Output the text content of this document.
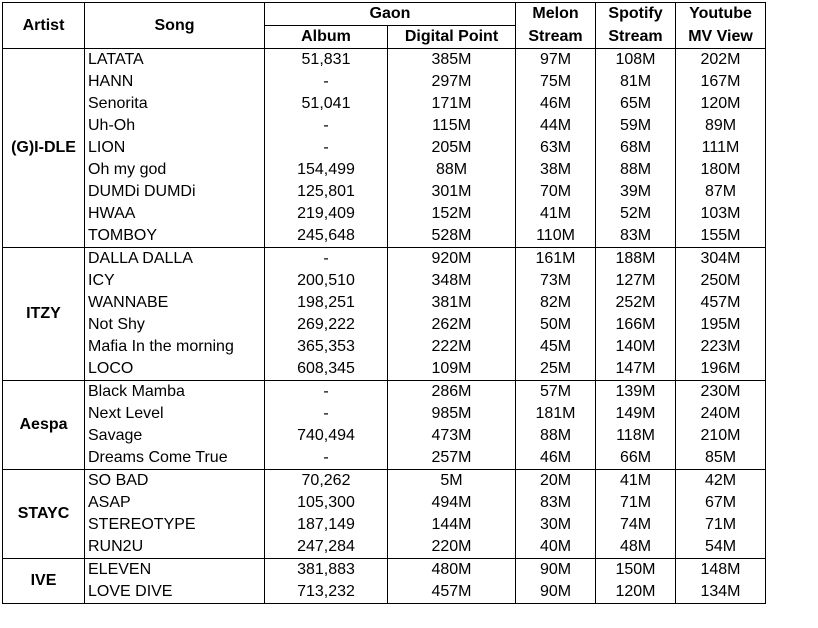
Artist	Song	Gaon		Melon	Spotify	Youtube
		Album	Digital Point	Stream	Stream	MV View
(G)I-DLE	LATATA	51,831	385M	97M	108M	202M
	HANN	-	297M	75M	81M	167M
	Senorita	51,041	171M	46M	65M	120M
	Uh-Oh	-	115M	44M	59M	89M
	LION	-	205M	63M	68M	111M
	Oh my god	154,499	88M	38M	88M	180M
	DUMDi DUMDi	125,801	301M	70M	39M	87M
	HWAA	219,409	152M	41M	52M	103M
	TOMBOY	245,648	528M	110M	83M	155M
ITZY	DALLA DALLA	-	920M	161M	188M	304M
	ICY	200,510	348M	73M	127M	250M
	WANNABE	198,251	381M	82M	252M	457M
	Not Shy	269,222	262M	50M	166M	195M
	Mafia In the morning	365,353	222M	45M	140M	223M
	LOCO	608,345	109M	25M	147M	196M
Aespa	Black Mamba	-	286M	57M	139M	230M
	Next Level	-	985M	181M	149M	240M
	Savage	740,494	473M	88M	118M	210M
	Dreams Come True	-	257M	46M	66M	85M
STAYC	SO BAD	70,262	5M	20M	41M	42M
	ASAP	105,300	494M	83M	71M	67M
	STEREOTYPE	187,149	144M	30M	74M	71M
	RUN2U	247,284	220M	40M	48M	54M
IVE	ELEVEN	381,883	480M	90M	150M	148M
	LOVE DIVE	713,232	457M	90M	120M	134M
